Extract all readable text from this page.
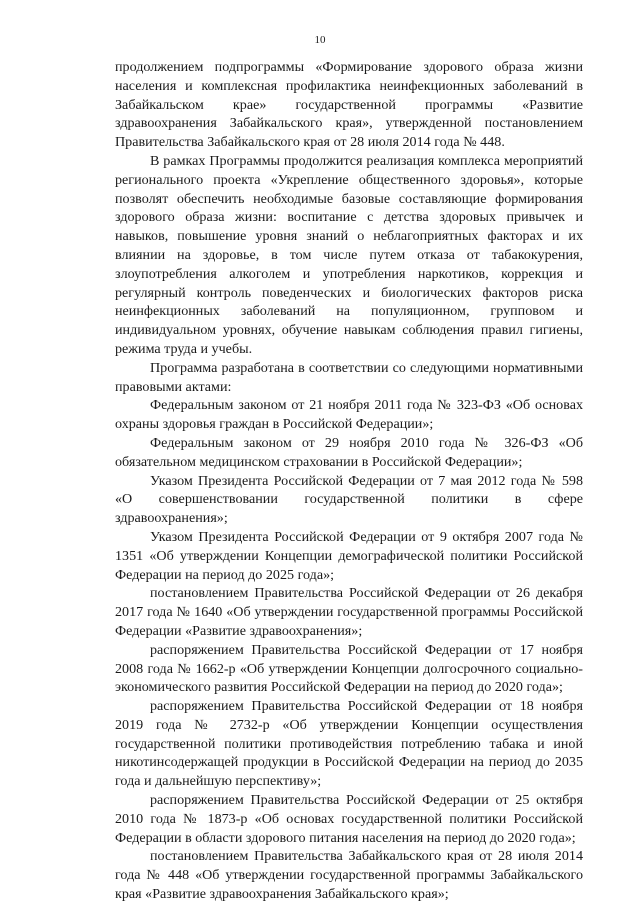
10

продолжением подпрограммы «Формирование здорового образа жизни населения и комплексная профилактика неинфекционных заболеваний в Забайкальском крае» государственной программы «Развитие здравоохранения Забайкальского края», утвержденной постановлением Правительства Забайкальского края от 28 июля 2014 года № 448.

В рамках Программы продолжится реализация комплекса мероприятий регионального проекта «Укрепление общественного здоровья», которые позволят обеспечить необходимые базовые составляющие формирования здорового образа жизни: воспитание с детства здоровых привычек и навыков, повышение уровня знаний о неблагоприятных факторах и их влиянии на здоровье, в том числе путем отказа от табакокурения, злоупотребления алкоголем и употребления наркотиков, коррекция и регулярный контроль поведенческих и биологических факторов риска неинфекционных заболеваний на популяционном, групповом и индивидуальном уровнях, обучение навыкам соблюдения правил гигиены, режима труда и учебы.

Программа разработана в соответствии со следующими нормативными правовыми актами:

Федеральным законом от 21 ноября 2011 года № 323-ФЗ «Об основах охраны здоровья граждан в Российской Федерации»;

Федеральным законом от 29 ноября 2010 года № 326-ФЗ «Об обязательном медицинском страховании в Российской Федерации»;

Указом Президента Российской Федерации от 7 мая 2012 года № 598 «О совершенствовании государственной политики в сфере здравоохранения»;

Указом Президента Российской Федерации от 9 октября 2007 года № 1351 «Об утверждении Концепции демографической политики Российской Федерации на период до 2025 года»;

постановлением Правительства Российской Федерации от 26 декабря 2017 года № 1640 «Об утверждении государственной программы Российской Федерации «Развитие здравоохранения»;

распоряжением Правительства Российской Федерации от 17 ноября 2008 года № 1662-р «Об утверждении Концепции долгосрочного социально-экономического развития Российской Федерации на период до 2020 года»;

распоряжением Правительства Российской Федерации от 18 ноября 2019 года № 2732-р «Об утверждении Концепции осуществления государственной политики противодействия потреблению табака и иной никотинсодержащей продукции в Российской Федерации на период до 2035 года и дальнейшую перспективу»;

распоряжением Правительства Российской Федерации от 25 октября 2010 года № 1873-р «Об основах государственной политики Российской Федерации в области здорового питания населения на период до 2020 года»;

постановлением Правительства Забайкальского края от 28 июля 2014 года № 448 «Об утверждении государственной программы Забайкальского края «Развитие здравоохранения Забайкальского края»;
